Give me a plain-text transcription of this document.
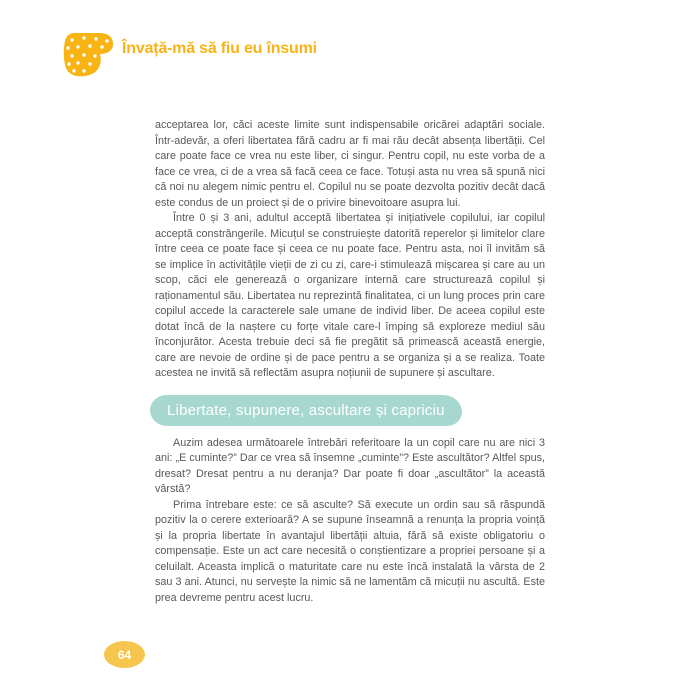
Învață-mă să fiu eu însumi

acceptarea lor, căci aceste limite sunt indispensabile oricărei adaptări sociale. Într-adevăr, a oferi libertatea fără cadru ar fi mai rău decât absența libertății. Cel care poate face ce vrea nu este liber, ci singur. Pentru copil, nu este vorba de a face ce vrea, ci de a vrea să facă ceea ce face. Totuși asta nu vrea să spună nici că noi nu alegem nimic pentru el. Copilul nu se poate dezvolta pozitiv decât dacă este condus de un proiect și de o privire binevoitoare asupra lui.

Între 0 și 3 ani, adultul acceptă libertatea și inițiativele copilului, iar copilul acceptă constrângerile. Micuțul se construiește datorită reperelor și limitelor clare între ceea ce poate face și ceea ce nu poate face. Pentru asta, noi îl invităm să se implice în activitățile vieții de zi cu zi, care-i stimulează mișcarea și care au un scop, căci ele generează o organizare internă care structurează copilul și raționamentul său. Libertatea nu reprezintă finalitatea, ci un lung proces prin care copilul accede la caracterele sale umane de individ liber. De aceea copilul este dotat încă de la naștere cu forțe vitale care-l împing să exploreze mediul său înconjurător. Acesta trebuie deci să fie pregătit să primească această energie, care are nevoie de ordine și de pace pentru a se organiza și a se realiza. Toate acestea ne invită să reflectăm asupra noțiunii de supunere și ascultare.

Libertate, supunere, ascultare și capriciu

Auzim adesea următoarele întrebări referitoare la un copil care nu are nici 3 ani: „E cuminte?” Dar ce vrea să însemne „cuminte”? Este ascultător? Altfel spus, dresat? Dresat pentru a nu deranja? Dar poate fi doar „ascultător” la această vârstă?

Prima întrebare este: ce să asculte? Să execute un ordin sau să răspundă pozitiv la o cerere exterioară? A se supune înseamnă a renunța la propria voință și la propria libertate în avantajul libertății altuia, fără să existe obligatoriu o compensație. Este un act care necesită o conștientizare a propriei persoane și a celuilalt. Aceasta implică o maturitate care nu este încă instalată la vârsta de 2 sau 3 ani. Atunci, nu servește la nimic să ne lamentăm că micuții nu ascultă. Este prea devreme pentru acest lucru.

64
